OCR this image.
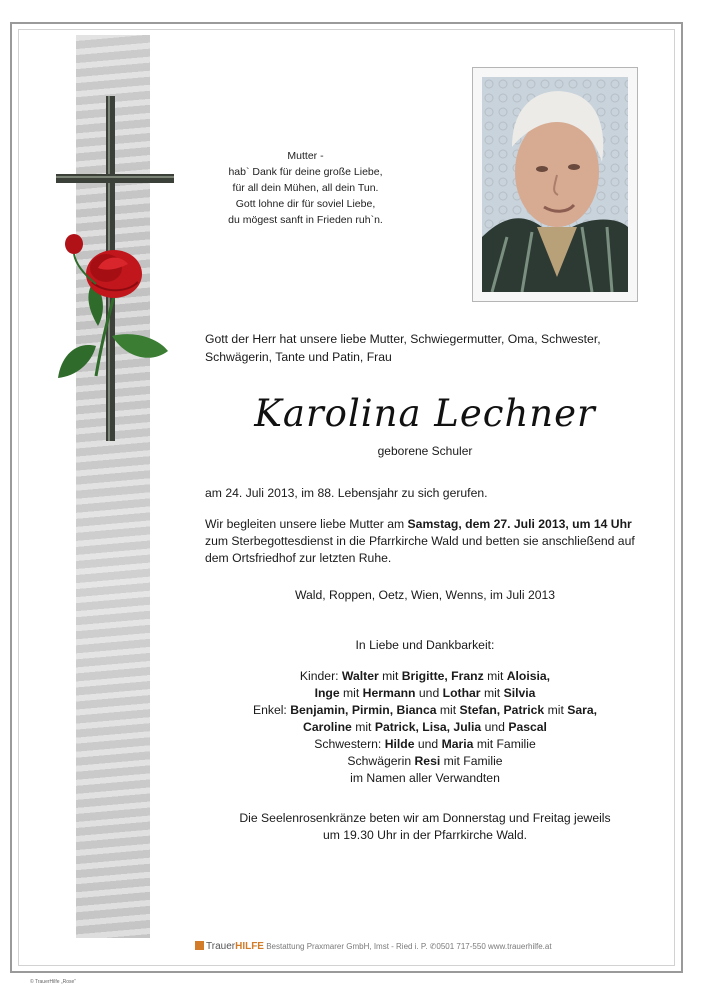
Mutter -
hab` Dank für deine große Liebe,
für all dein Mühen, all dein Tun.
Gott lohne dir für soviel Liebe,
du mögest sanft in Frieden ruh`n.
Gott der Herr hat unsere liebe Mutter, Schwiegermutter, Oma, Schwester, Schwägerin, Tante und Patin, Frau
Karolina Lechner
geborene Schuler
am 24. Juli 2013, im 88. Lebensjahr zu sich gerufen.
Wir begleiten unsere liebe Mutter am Samstag, dem 27. Juli 2013, um 14 Uhr
zum Sterbegottesdienst in die Pfarrkirche Wald und betten sie anschließend auf dem Ortsfriedhof zur letzten Ruhe.
Wald, Roppen, Oetz, Wien, Wenns, im Juli 2013
In Liebe und Dankbarkeit:
Kinder: Walter mit Brigitte, Franz mit Aloisia,
Inge mit Hermann und Lothar mit Silvia
Enkel: Benjamin, Pirmin, Bianca mit Stefan, Patrick mit Sara,
Caroline mit Patrick, Lisa, Julia und Pascal
Schwestern: Hilde und Maria mit Familie
Schwägerin Resi mit Familie
im Namen aller Verwandten
Die Seelenrosenkränze beten wir am Donnerstag und Freitag jeweils
um 19.30 Uhr in der Pfarrkirche Wald.
TrauerHILFE Bestattung Praxmarer GmbH, Imst - Ried i. P. ✆0501 717-550 www.trauerhilfe.at
© TrauerHilfe „Rose“
